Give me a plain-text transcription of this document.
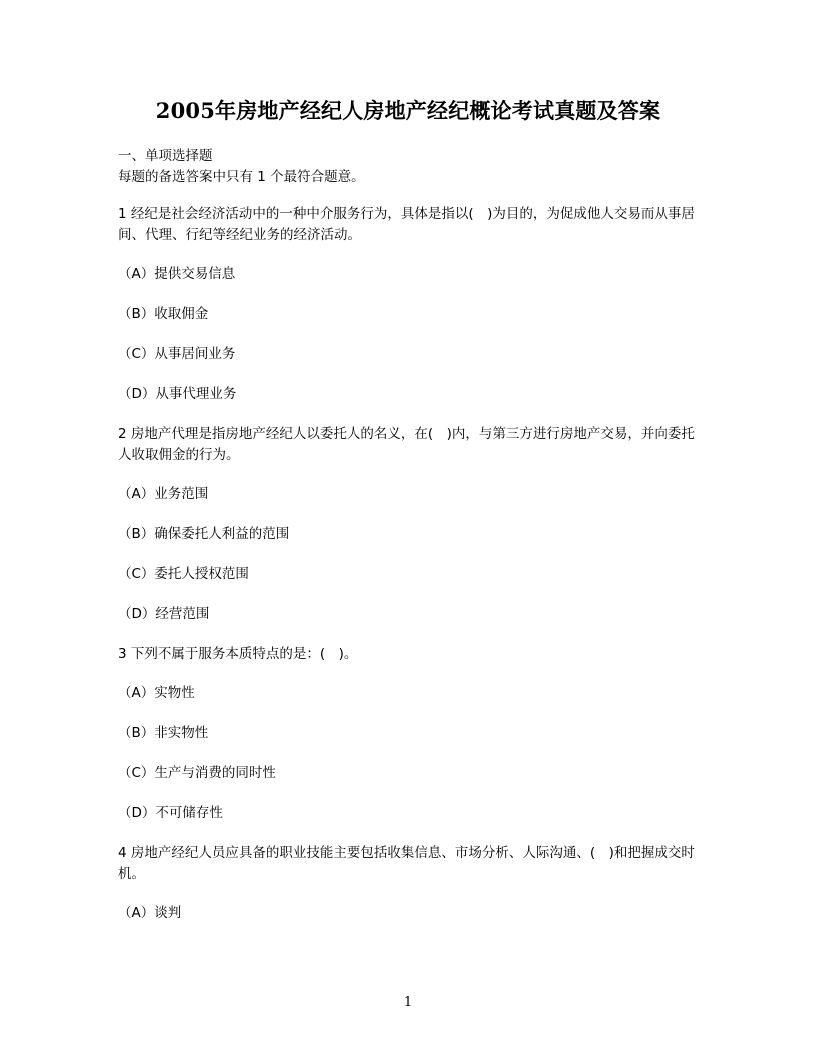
2005年房地产经纪人房地产经纪概论考试真题及答案

一、单项选择题

每题的备选答案中只有 1 个最符合题意。

1 经纪是社会经济活动中的一种中介服务行为，具体是指以(　)为目的，为促成他人交易而从事居间、代理、行纪等经纪业务的经济活动。

（A）提供交易信息

（B）收取佣金

（C）从事居间业务

（D）从事代理业务

2 房地产代理是指房地产经纪人以委托人的名义，在(　)内，与第三方进行房地产交易，并向委托人收取佣金的行为。

（A）业务范围

（B）确保委托人利益的范围

（C）委托人授权范围

（D）经营范围

3 下列不属于服务本质特点的是：(　)。

（A）实物性

（B）非实物性

（C）生产与消费的同时性

（D）不可储存性

4 房地产经纪人员应具备的职业技能主要包括收集信息、市场分析、人际沟通、(　)和把握成交时机。

（A）谈判

1
